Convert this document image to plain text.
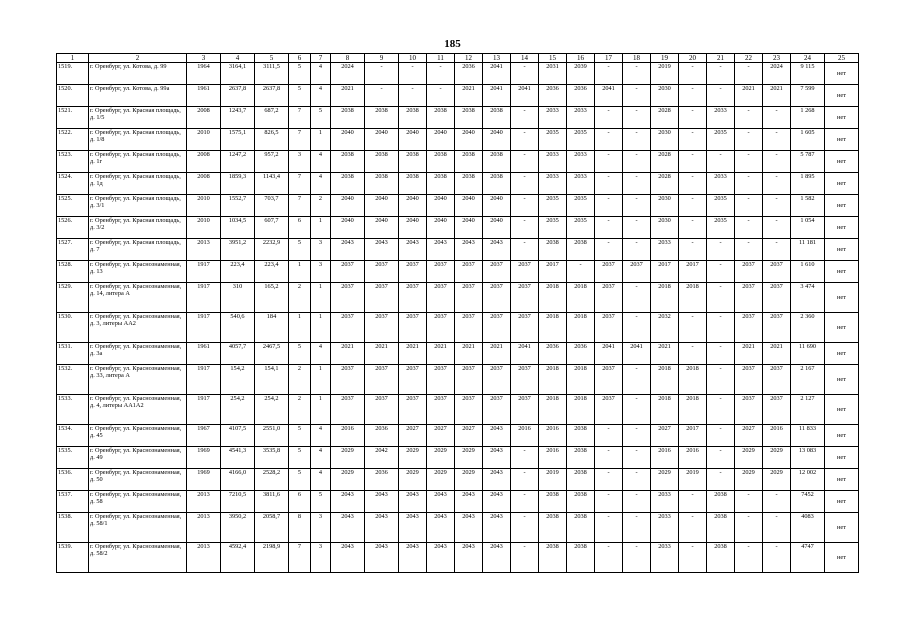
185
1	2	3	4	5	6	7	8	9	10	11	12	13	14	15	16	17	18	19	20	21	22	23	24	25
1519.	г. Оренбург, ул. Котова, д. 99	1964	3164,1	3111,5	5	4	2024	-	-	-	2036	2041	-	2031	2039	-	-	2019	-	-	-	2024	9 115	нет
1520.	г. Оренбург, ул. Котова, д. 99а	1961	2637,8	2637,8	5	4	2021	-	-	-	2021	2041	2041	2036	2036	2041	-	2030	-	-	2021	2021	7 599	нет
1521.	г. Оренбург, ул. Красная площадь, д. 1/5	2008	1243,7	687,2	7	5	2038	2038	2038	2038	2038	2038	-	2033	2033	-	-	2028	-	2033	-	-	1 268	нет
1522.	г. Оренбург, ул. Красная площадь, д. 1/8	2010	1575,1	826,5	7	1	2040	2040	2040	2040	2040	2040	-	2035	2035	-	-	2030	-	2035	-	-	1 605	нет
1523.	г. Оренбург, ул. Красная площадь, д. 1г	2008	1247,2	957,2	3	4	2038	2038	2038	2038	2038	2038	-	2033	2033	-	-	2028	-	-	-	-	5 787	нет
1524.	г. Оренбург, ул. Красная площадь, д. 1д	2008	1859,3	1143,4	7	4	2038	2038	2038	2038	2038	2038	-	2033	2033	-	-	2028	-	2033	-	-	1 895	нет
1525.	г. Оренбург, ул. Красная площадь, д. 3/1	2010	1552,7	703,7	7	2	2040	2040	2040	2040	2040	2040	-	2035	2035	-	-	2030	-	2035	-	-	1 582	нет
1526.	г. Оренбург, ул. Красная площадь, д. 3/2	2010	1034,5	607,7	6	1	2040	2040	2040	2040	2040	2040	-	2035	2035	-	-	2030	-	2035	-	-	1 054	нет
1527.	г. Оренбург, ул. Красная площадь, д. 7	2013	3951,2	2232,9	5	3	2043	2043	2043	2043	2043	2043	-	2038	2038	-	-	2033	-	-	-	-	11 181	нет
1528.	г. Оренбург, ул. Краснознаменная, д. 13	1917	223,4	223,4	1	3	2037	2037	2037	2037	2037	2037	2037	2017	-	2037	2037	2017	2017	-	2037	2037	1 610	нет
1529.	г. Оренбург, ул. Краснознаменная, д. 14, литера А	1917	310	165,2	2	1	2037	2037	2037	2037	2037	2037	2037	2018	2018	2037	-	2018	2018	-	2037	2037	3 474	нет
1530.	г. Оренбург, ул. Краснознаменная, д. 3, литеры АА2	1917	540,6	184	1	1	2037	2037	2037	2037	2037	2037	2037	2018	2018	2037	-	2032	-	-	2037	2037	2 360	нет
1531.	г. Оренбург, ул. Краснознаменная, д. 3а	1961	4057,7	2467,5	5	4	2021	2021	2021	2021	2021	2021	2041	2036	2036	2041	2041	2021	-	-	2021	2021	11 690	нет
1532.	г. Оренбург, ул. Краснознаменная, д. 33, литера А	1917	154,2	154,1	2	1	2037	2037	2037	2037	2037	2037	2037	2018	2018	2037	-	2018	2018	-	2037	2037	2 167	нет
1533.	г. Оренбург, ул. Краснознаменная, д. 4, литеры АА1А2	1917	254,2	254,2	2	1	2037	2037	2037	2037	2037	2037	2037	2018	2018	2037	-	2018	2018	-	2037	2037	2 127	нет
1534.	г. Оренбург, ул. Краснознаменная, д. 45	1967	4107,5	2551,0	5	4	2016	2036	2027	2027	2027	2043	2016	2016	2038	-	-	2027	2017	-	2027	2016	11 833	нет
1535.	г. Оренбург, ул. Краснознаменная, д. 49	1969	4541,3	3535,8	5	4	2029	2042	2029	2029	2029	2043	-	2016	2038	-	-	2016	2016	-	2029	2029	13 083	нет
1536.	г. Оренбург, ул. Краснознаменная, д. 50	1969	4166,0	2528,2	5	4	2029	2036	2029	2029	2029	2043	-	2019	2038	-	-	2029	2019	-	2029	2029	12 002	нет
1537.	г. Оренбург, ул. Краснознаменная, д. 58	2013	7210,5	3811,6	6	5	2043	2043	2043	2043	2043	2043	-	2038	2038	-	-	2033	-	2038	-	-	7452	нет
1538.	г. Оренбург, ул. Краснознаменная, д. 58/1	2013	3950,2	2058,7	8	3	2043	2043	2043	2043	2043	2043	-	2038	2038	-	-	2033	-	2038	-	-	4083	нет
1539.	г. Оренбург, ул. Краснознаменная, д. 58/2	2013	4592,4	2198,9	7	3	2043	2043	2043	2043	2043	2043	-	2038	2038	-	-	2033	-	2038	-	-	4747	нет
